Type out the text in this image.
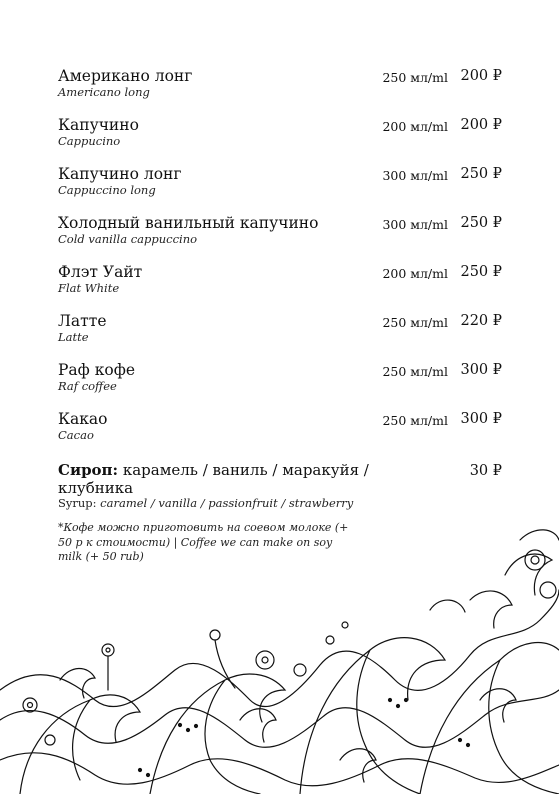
Американо лонг
Americano long
250 мл/ml 200 ₽
Капучино
Cappucino
200 мл/ml 200 ₽
Капучино лонг
Cappuccino long
300 мл/ml 250 ₽
Холодный ванильный капучино
Cold vanilla cappuccino
300 мл/ml 250 ₽
Флэт Уайт
Flat White
200 мл/ml 250 ₽
Латте
Latte
250 мл/ml 220 ₽
Раф кофе
Raf coffee
250 мл/ml 300 ₽
Какао
Cacao
250 мл/ml 300 ₽
Сироп: карамель / ваниль / маракуйя / клубника
Syrup: caramel / vanilla / passionfruit / strawberry
30 ₽
*Кофе можно приготовить на соевом молоке (+ 50 р к стоимости) | Coffee we can make on soy milk (+ 50 rub)
